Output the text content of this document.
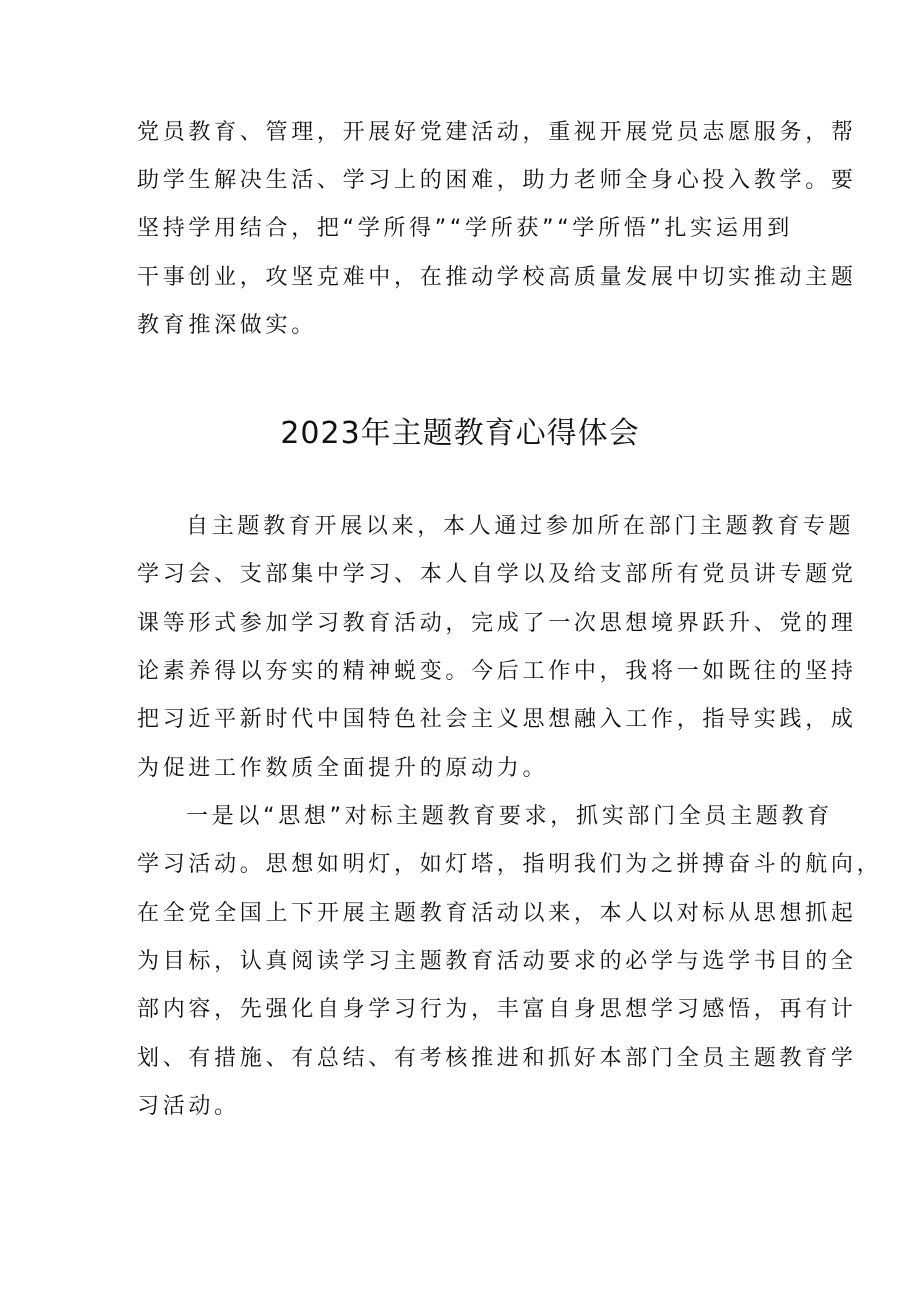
党员教育、管理，开展好党建活动，重视开展党员志愿服务，帮
助学生解决生活、学习上的困难，助力老师全身心投入教学。要
坚持学用结合，把“学所得”“学所获”“学所悟”扎实运用到
干事创业，攻坚克难中，在推动学校高质量发展中切实推动主题
教育推深做实。
2023年主题教育心得体会
自主题教育开展以来，本人通过参加所在部门主题教育专题
学习会、支部集中学习、本人自学以及给支部所有党员讲专题党
课等形式参加学习教育活动，完成了一次思想境界跃升、党的理
论素养得以夯实的精神蜕变。今后工作中，我将一如既往的坚持
把习近平新时代中国特色社会主义思想融入工作，指导实践，成
为促进工作数质全面提升的原动力。
一是以“思想”对标主题教育要求，抓实部门全员主题教育
学习活动。思想如明灯，如灯塔，指明我们为之拼搏奋斗的航向，
在全党全国上下开展主题教育活动以来，本人以对标从思想抓起
为目标，认真阅读学习主题教育活动要求的必学与选学书目的全
部内容，先强化自身学习行为，丰富自身思想学习感悟，再有计
划、有措施、有总结、有考核推进和抓好本部门全员主题教育学
习活动。
